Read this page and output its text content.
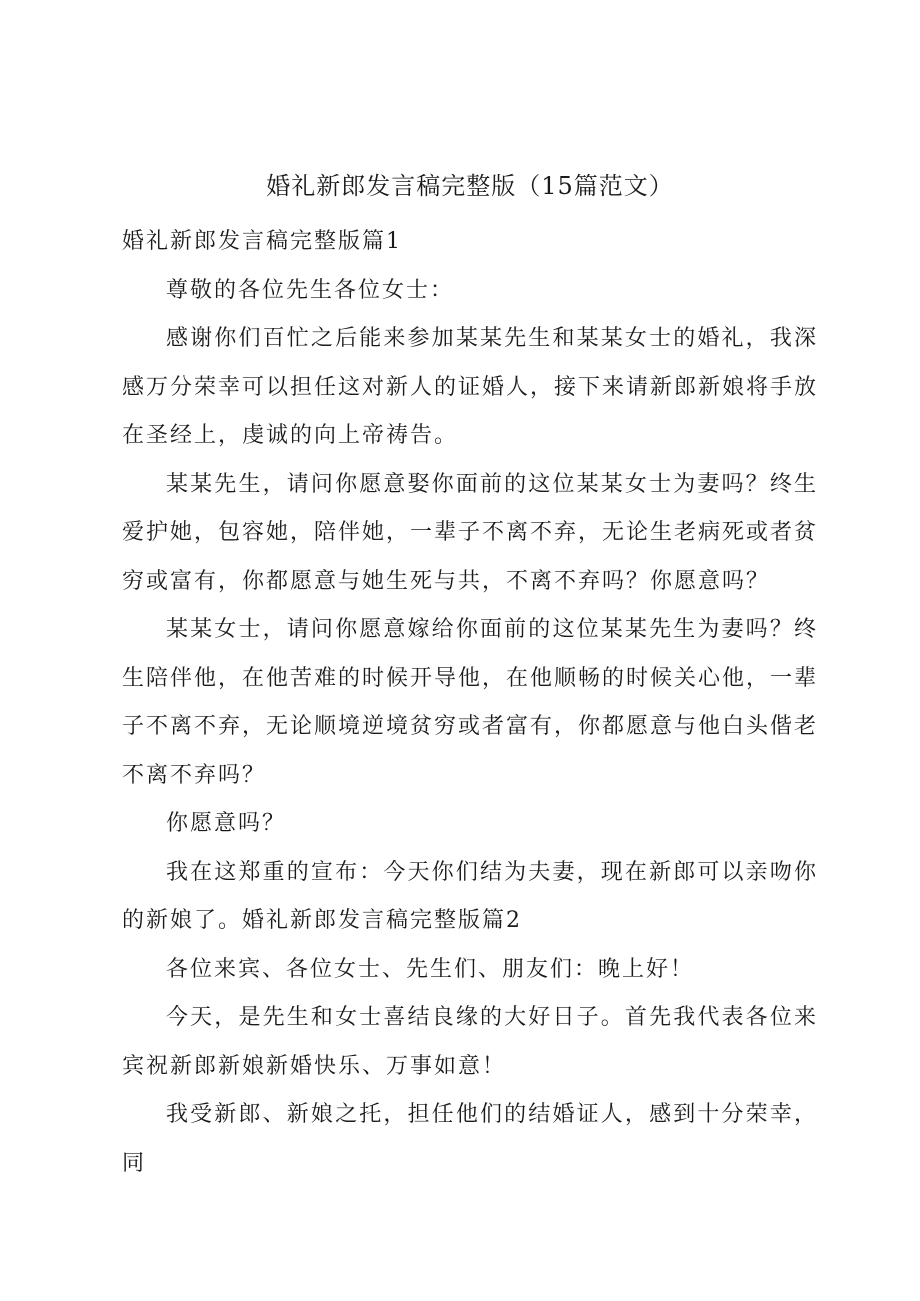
婚礼新郎发言稿完整版（15篇范文）

婚礼新郎发言稿完整版篇1

尊敬的各位先生各位女士：

感谢你们百忙之后能来参加某某先生和某某女士的婚礼，我深感万分荣幸可以担任这对新人的证婚人，接下来请新郎新娘将手放在圣经上，虔诚的向上帝祷告。

某某先生，请问你愿意娶你面前的这位某某女士为妻吗？终生爱护她，包容她，陪伴她，一辈子不离不弃，无论生老病死或者贫穷或富有，你都愿意与她生死与共，不离不弃吗？你愿意吗？

某某女士，请问你愿意嫁给你面前的这位某某先生为妻吗？终生陪伴他，在他苦难的时候开导他，在他顺畅的时候关心他，一辈子不离不弃，无论顺境逆境贫穷或者富有，你都愿意与他白头偕老不离不弃吗？

你愿意吗？

我在这郑重的宣布：今天你们结为夫妻，现在新郎可以亲吻你的新娘了。婚礼新郎发言稿完整版篇2

各位来宾、各位女士、先生们、朋友们：晚上好！

今天，是先生和女士喜结良缘的大好日子。首先我代表各位来宾祝新郎新娘新婚快乐、万事如意！

我受新郎、新娘之托，担任他们的结婚证人，感到十分荣幸，同
